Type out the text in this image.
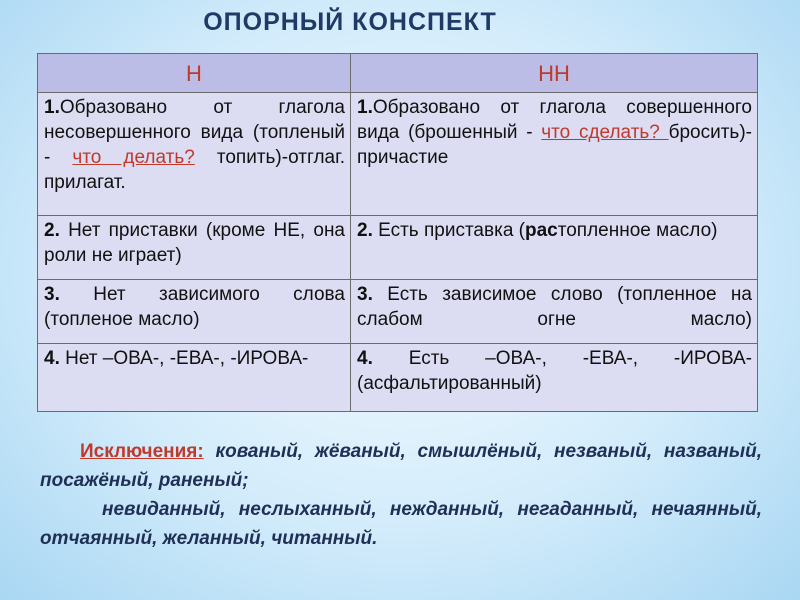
ОПОРНЫЙ КОНСПЕКТ
Н	НН
1.Образовано от глагола несовершенного вида (топленый - что делать? топить)-отглаг. прилагат.	1.Образовано от глагола совершенного вида (брошенный - что сделать? бросить)- причастие
2. Нет приставки (кроме НЕ, она роли не играет)	2. Есть приставка (растопленное масло)
3. Нет зависимого слова (топленое масло)	3. Есть зависимое слово (топленное на слабом огне масло)
4. Нет –ОВА-, -ЕВА-, -ИРОВА-	4. Есть –ОВА-, -ЕВА-, -ИРОВА- (асфальтированный)

Исключения: кованый, жёваный, смышлёный, незваный, названый, посажёный, раненый;

невиданный, неслыханный, нежданный, негаданный, нечаянный, отчаянный, желанный, читанный.
